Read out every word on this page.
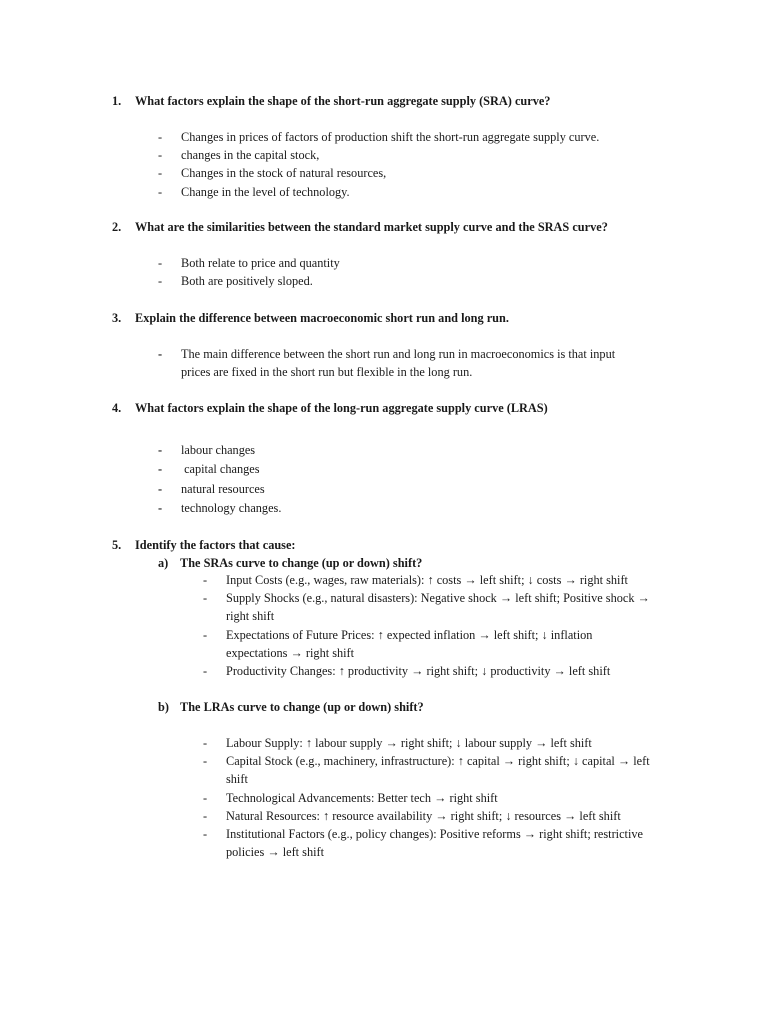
1. What factors explain the shape of the short-run aggregate supply (SRA) curve?
- Changes in prices of factors of production shift the short-run aggregate supply curve.
- changes in the capital stock,
- Changes in the stock of natural resources,
- Change in the level of technology.
2. What are the similarities between the standard market supply curve and the SRAS curve?
- Both relate to price and quantity
- Both are positively sloped.
3. Explain the difference between macroeconomic short run and long run.
- The main difference between the short run and long run in macroeconomics is that input
prices are fixed in the short run but flexible in the long run.
4. What factors explain the shape of the long-run aggregate supply curve (LRAS)
- labour changes
- capital changes
- natural resources
- technology changes.
5. Identify the factors that cause:
a) The SRAs curve to change (up or down) shift?
- Input Costs (e.g., wages, raw materials): ↑ costs → left shift; ↓ costs → right shift
- Supply Shocks (e.g., natural disasters): Negative shock → left shift; Positive shock →
right shift
- Expectations of Future Prices: ↑ expected inflation → left shift; ↓ inflation
expectations → right shift
- Productivity Changes: ↑ productivity → right shift; ↓ productivity → left shift
b) The LRAs curve to change (up or down) shift?
- Labour Supply: ↑ labour supply → right shift; ↓ labour supply → left shift
- Capital Stock (e.g., machinery, infrastructure): ↑ capital → right shift; ↓ capital → left
shift
- Technological Advancements: Better tech → right shift
- Natural Resources: ↑ resource availability → right shift; ↓ resources → left shift
- Institutional Factors (e.g., policy changes): Positive reforms → right shift; restrictive
policies → left shift
